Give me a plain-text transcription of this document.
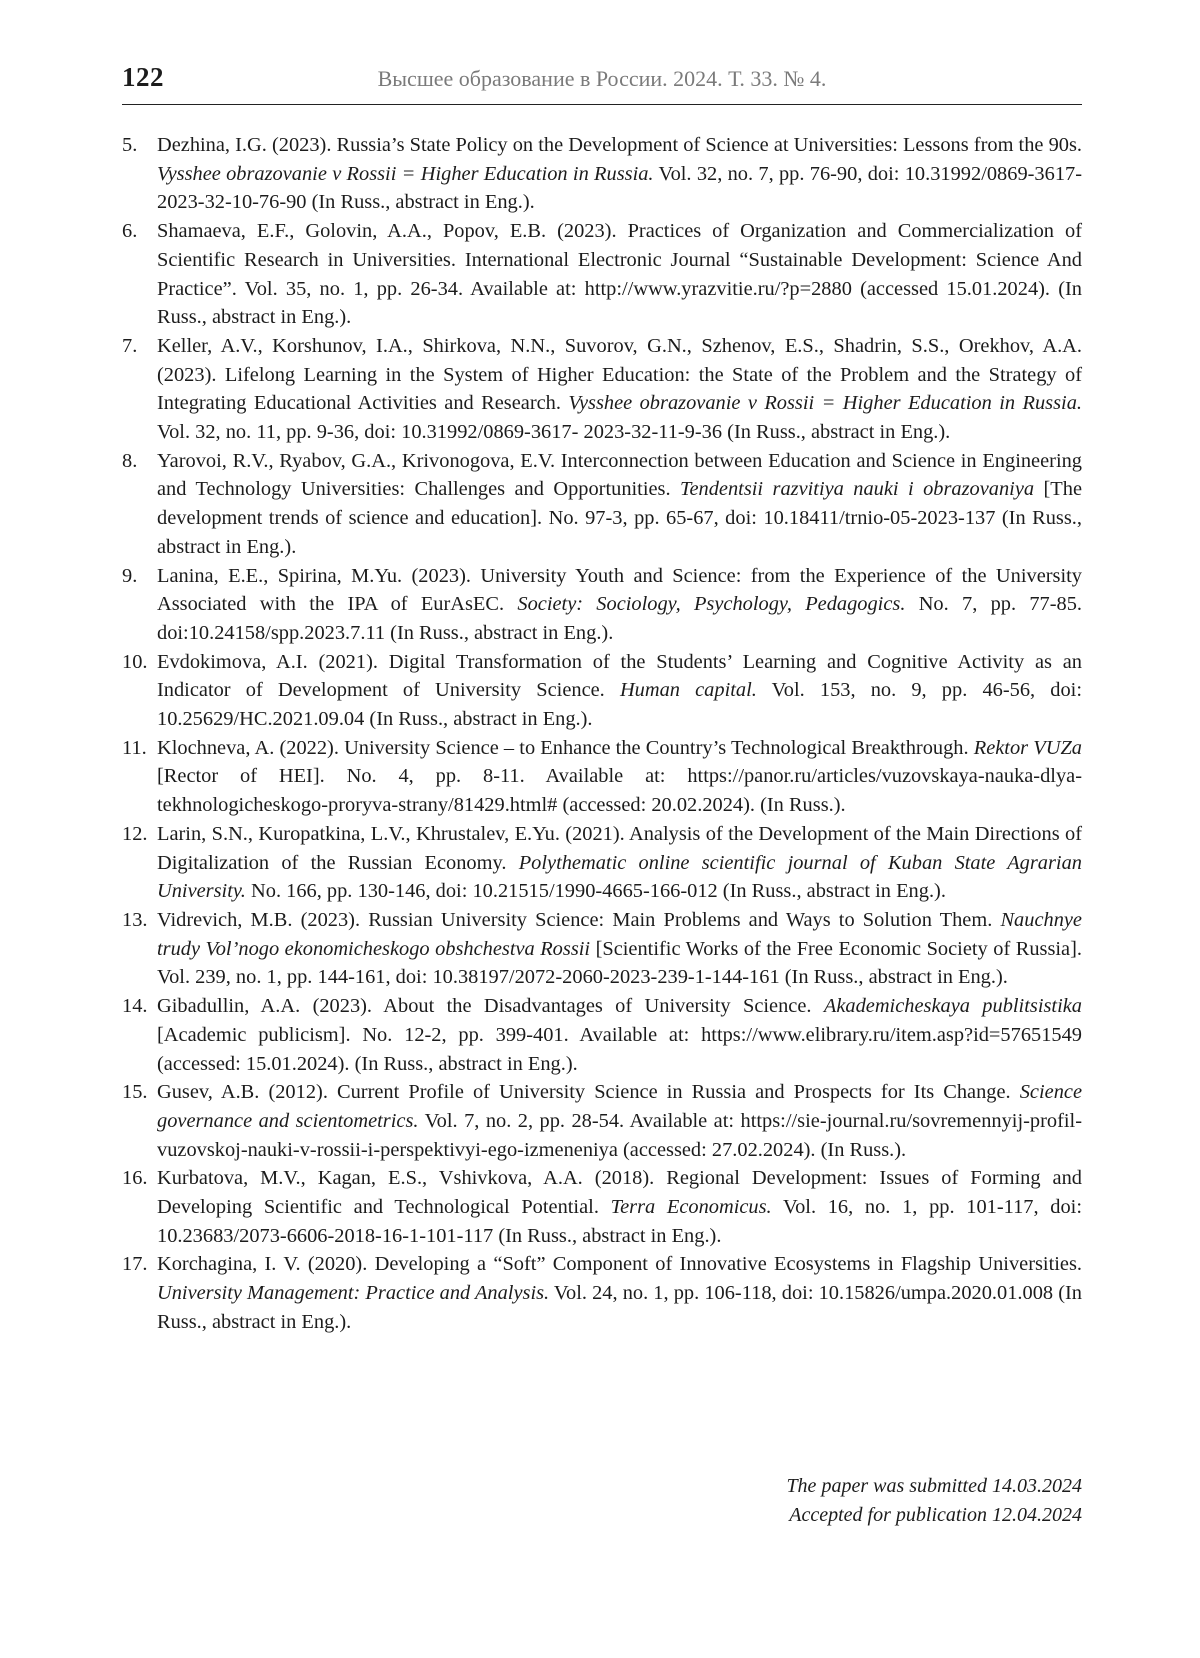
122	Высшее образование в России. 2024. Т. 33. № 4.
5. Dezhina, I.G. (2023). Russia’s State Policy on the Development of Science at Universities: Lessons from the 90s. Vysshee obrazovanie v Rossii = Higher Education in Russia. Vol. 32, no. 7, pp. 76-90, doi: 10.31992/0869-3617-2023-32-10-76-90 (In Russ., abstract in Eng.).
6. Shamaeva, E.F., Golovin, A.A., Popov, E.B. (2023). Practices of Organization and Commercialization of Scientific Research in Universities. International Electronic Journal “Sustainable Development: Science And Practice”. Vol. 35, no. 1, pp. 26-34. Available at: http://www.yrazvitie.ru/?p=2880 (accessed 15.01.2024). (In Russ., abstract in Eng.).
7. Keller, A.V., Korshunov, I.A., Shirkova, N.N., Suvorov, G.N., Szhenov, E.S., Shadrin, S.S., Orekhov, A.A. (2023). Lifelong Learning in the System of Higher Education: the State of the Problem and the Strategy of Integrating Educational Activities and Research. Vysshee obrazovanie v Rossii = Higher Education in Russia. Vol. 32, no. 11, pp. 9-36, doi: 10.31992/0869-3617- 2023-32-11-9-36 (In Russ., abstract in Eng.).
8. Yarovoi, R.V., Ryabov, G.A., Krivonogova, E.V. Interconnection between Education and Science in Engineering and Technology Universities: Challenges and Opportunities. Tendentsii razvitiya nauki i obrazovaniya [The development trends of science and education]. No. 97-3, pp. 65-67, doi: 10.18411/trnio-05-2023-137 (In Russ., abstract in Eng.).
9. Lanina, E.E., Spirina, M.Yu. (2023). University Youth and Science: from the Experience of the University Associated with the IPA of EurAsEC. Society: Sociology, Psychology, Pedagogics. No. 7, pp. 77-85. doi:10.24158/spp.2023.7.11 (In Russ., abstract in Eng.).
10. Evdokimova, A.I. (2021). Digital Transformation of the Students’ Learning and Cognitive Activity as an Indicator of Development of University Science. Human capital. Vol. 153, no. 9, pp. 46-56, doi: 10.25629/HC.2021.09.04 (In Russ., abstract in Eng.).
11. Klochneva, A. (2022). University Science – to Enhance the Country’s Technological Breakthrough. Rektor VUZa [Rector of HEI]. No. 4, pp. 8-11. Available at: https://panor.ru/articles/vuzovskaya-nauka-dlya-tekhnologicheskogo-proryva-strany/81429.html# (accessed: 20.02.2024). (In Russ.).
12. Larin, S.N., Kuropatkina, L.V., Khrustalev, E.Yu. (2021). Analysis of the Development of the Main Directions of Digitalization of the Russian Economy. Polythematic online scientific journal of Kuban State Agrarian University. No. 166, pp. 130-146, doi: 10.21515/1990-4665-166-012 (In Russ., abstract in Eng.).
13. Vidrevich, M.B. (2023). Russian University Science: Main Problems and Ways to Solution Them. Nauchnye trudy Vol’nogo ekonomicheskogo obshchestva Rossii [Scientific Works of the Free Economic Society of Russia]. Vol. 239, no. 1, pp. 144-161, doi: 10.38197/2072-2060-2023-239-1-144-161 (In Russ., abstract in Eng.).
14. Gibadullin, A.A. (2023). About the Disadvantages of University Science. Akademicheskaya publitsistika [Academic publicism]. No. 12-2, pp. 399-401. Available at: https://www.elibrary.ru/item.asp?id=57651549 (accessed: 15.01.2024). (In Russ., abstract in Eng.).
15. Gusev, A.B. (2012). Current Profile of University Science in Russia and Prospects for Its Change. Science governance and scientometrics. Vol. 7, no. 2, pp. 28-54. Available at: https://sie-journal.ru/sovremennyij-profil-vuzovskoj-nauki-v-rossii-i-perspektivyi-ego-izmeneniya (accessed: 27.02.2024). (In Russ.).
16. Kurbatova, M.V., Kagan, E.S., Vshivkova, A.A. (2018). Regional Development: Issues of Forming and Developing Scientific and Technological Potential. Terra Economicus. Vol. 16, no. 1, pp. 101-117, doi: 10.23683/2073-6606-2018-16-1-101-117 (In Russ., abstract in Eng.).
17. Korchagina, I. V. (2020). Developing a “Soft” Component of Innovative Ecosystems in Flagship Universities. University Management: Practice and Analysis. Vol. 24, no. 1, pp. 106-118, doi: 10.15826/umpa.2020.01.008 (In Russ., abstract in Eng.).
The paper was submitted 14.03.2024
Accepted for publication 12.04.2024
